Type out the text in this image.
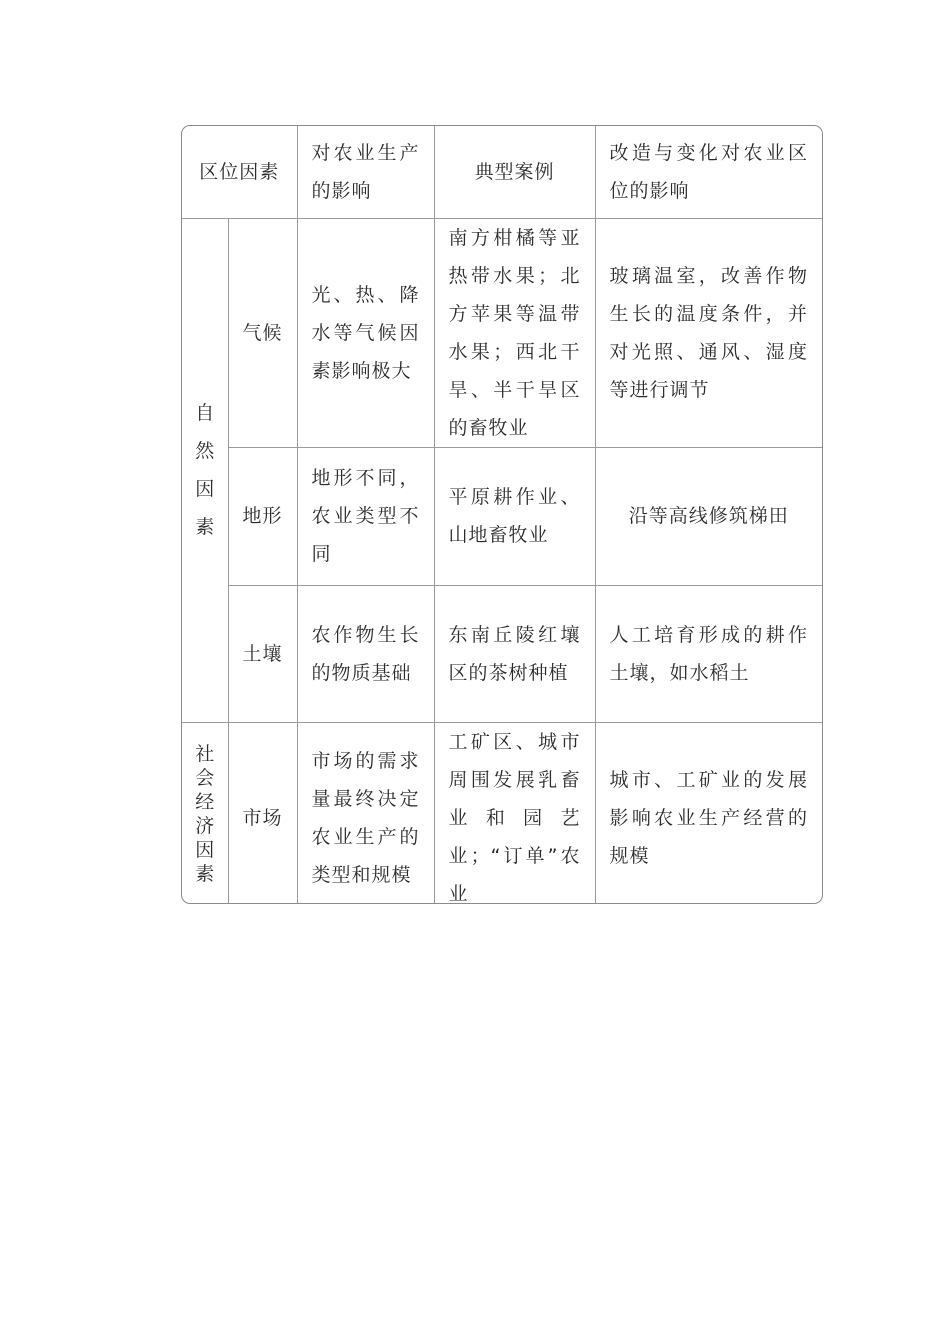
区位因素		对农业生产的影响	典型案例	改造与变化对农业区位的影响
自然因素	气候	光、热、降水等气候因素影响极大	南方柑橘等亚热带水果；北方苹果等温带水果；西北干旱、半干旱区的畜牧业	玻璃温室，改善作物生长的温度条件，并对光照、通风、湿度等进行调节
	地形	地形不同，农业类型不同	平原耕作业、山地畜牧业	沿等高线修筑梯田
	土壤	农作物生长的物质基础	东南丘陵红壤区的茶树种植	人工培育形成的耕作土壤，如水稻土
社会经济因素	市场	市场的需求量最终决定农业生产的类型和规模	工矿区、城市周围发展乳畜业和园艺业；“订单”农业	城市、工矿业的发展影响农业生产经营的规模
